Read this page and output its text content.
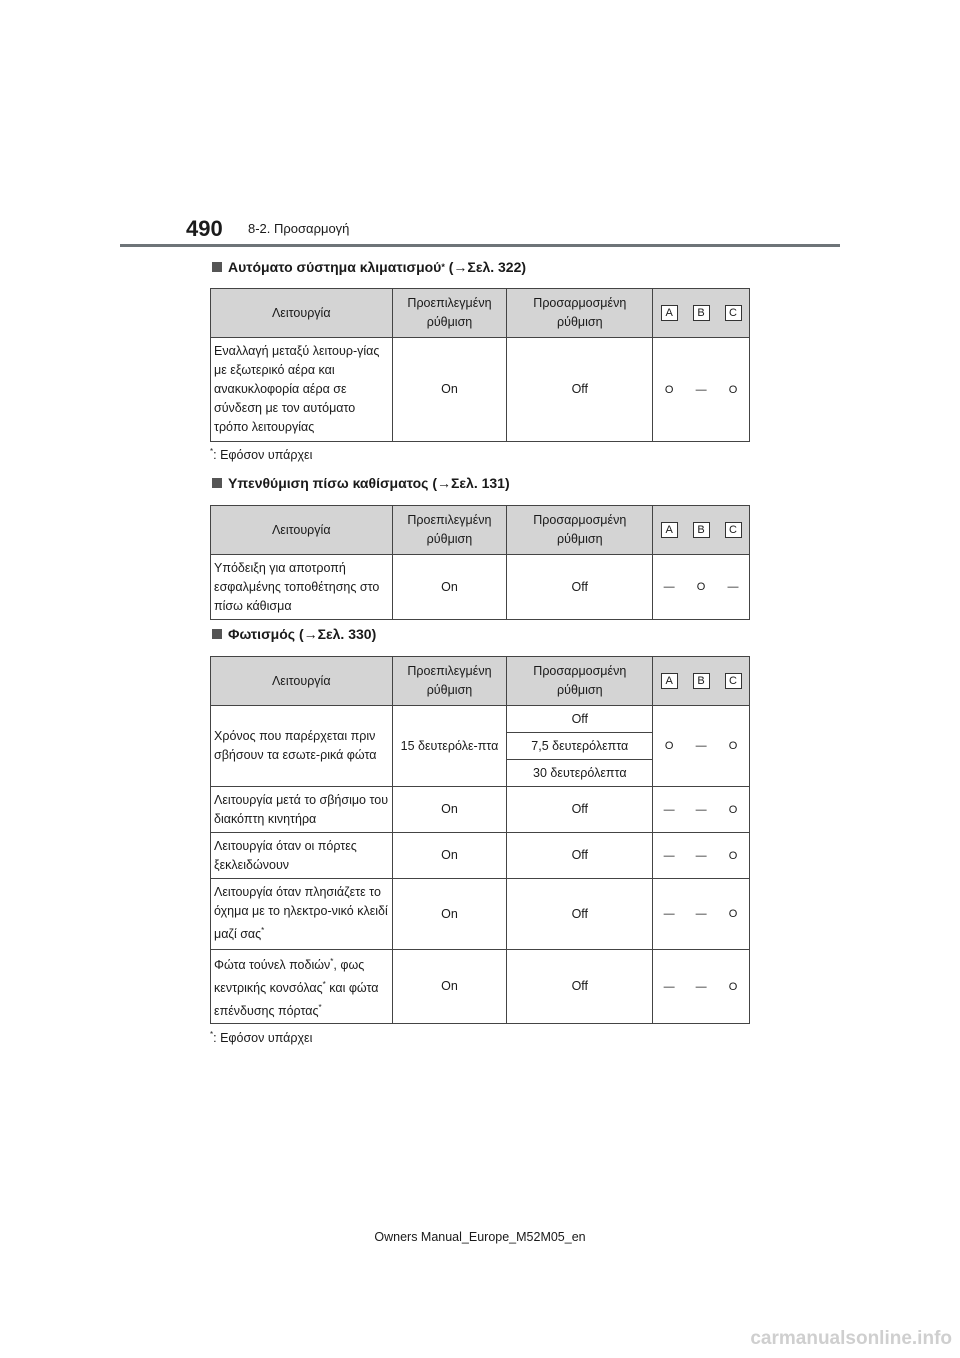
490 8-2. Προσαρμογή
Αυτόματο σύστημα κλιματισμού *
(→Σελ. 322)
Λειτουργία	Προεπιλεγμένη ρύθμιση	Προσαρμοσμένη ρύθμιση	A B C

Εναλλαγή μεταξύ λειτουρ-γίας με εξωτερικό αέρα και ανακυκλοφορία αέρα σε σύνδεση με τον αυτόματο τρόπο λειτουργίας	On	Off	O — O
*: Εφόσον υπάρχει
Υπενθύμιση πίσω καθίσματος
(→Σελ. 131)
Λειτουργία	Προεπιλεγμένη ρύθμιση	Προσαρμοσμένη ρύθμιση	A B C

Υπόδειξη για αποτροπή εσφαλμένης τοποθέτησης στο πίσω κάθισμα	On	Off	— O —
Φωτισμός
(→Σελ. 330)
Λειτουργία	Προεπιλεγμένη ρύθμιση	Προσαρμοσμένη ρύθμιση	A B C

Χρόνος που παρέρχεται πριν σβήσουν τα εσωτε-ρικά φώτα	15 δευτερόλε-πτα	Off	O — O

		7,5 δευτερόλεπτα	
		30 δευτερόλεπτα	
Λειτουργία μετά το σβήσιμο του διακόπτη κινητήρα	On	Off	— — O

Λειτουργία όταν οι πόρτες ξεκλειδώνουν	On	Off	— — O

Λειτουργία όταν πλησιάζετε το όχημα με το ηλεκτρο-νικό κλειδί μαζί σας*	On	Off	— — O

Φώτα τούνελ ποδιών*, φως κεντρικής κονσόλας* και φώτα επένδυσης πόρτας*	On	Off	— — O
*: Εφόσον υπάρχει
Owners Manual_Europe_M52M05_en
carmanualsonline.info
